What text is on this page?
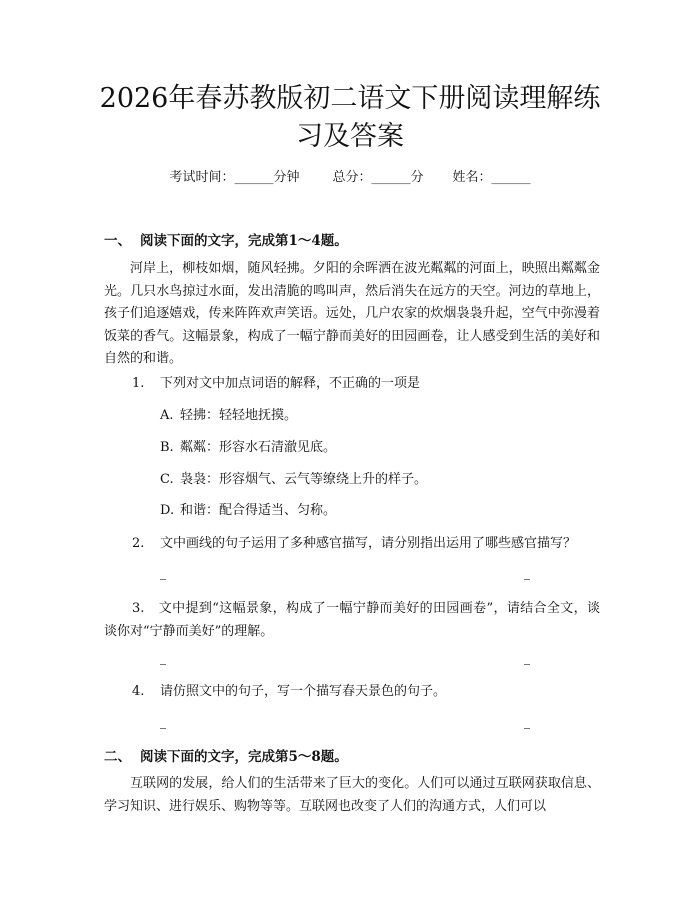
2026年春苏教版初二语文下册阅读理解练习及答案
考试时间：______分钟	总分：______分 姓名：______
一、 阅读下面的文字，完成第1～4题。

河岸上，柳枝如烟，随风轻拂。夕阳的余晖洒在波光粼粼的河面上，映照出粼粼金光。几只水鸟掠过水面，发出清脆的鸣叫声，然后消失在远方的天空。河边的草地上，孩子们追逐嬉戏，传来阵阵欢声笑语。远处，几户农家的炊烟袅袅升起，空气中弥漫着饭菜的香气。这幅景象，构成了一幅宁静而美好的田园画卷，让人感受到生活的美好和自然的和谐。

1. 下列对文中加点词语的解释，不正确的一项是
A. 轻拂：轻轻地抚摸。
B. 粼粼：形容水石清澈见底。
C. 袅袅：形容烟气、云气等缭绕上升的样子。
D. 和谐：配合得适当、匀称。
2. 文中画线的句子运用了多种感官描写，请分别指出运用了哪些感官描写？
3. 文中提到“这幅景象，构成了一幅宁静而美好的田园画卷”，请结合全文，谈谈你对“宁静而美好”的理解。
4. 请仿照文中的句子，写一个描写春天景色的句子。
二、 阅读下面的文字，完成第5～8题。

互联网的发展，给人们的生活带来了巨大的变化。人们可以通过互联网获取信息、学习知识、进行娱乐、购物等等。互联网也改变了人们的沟通方式，人们可以
